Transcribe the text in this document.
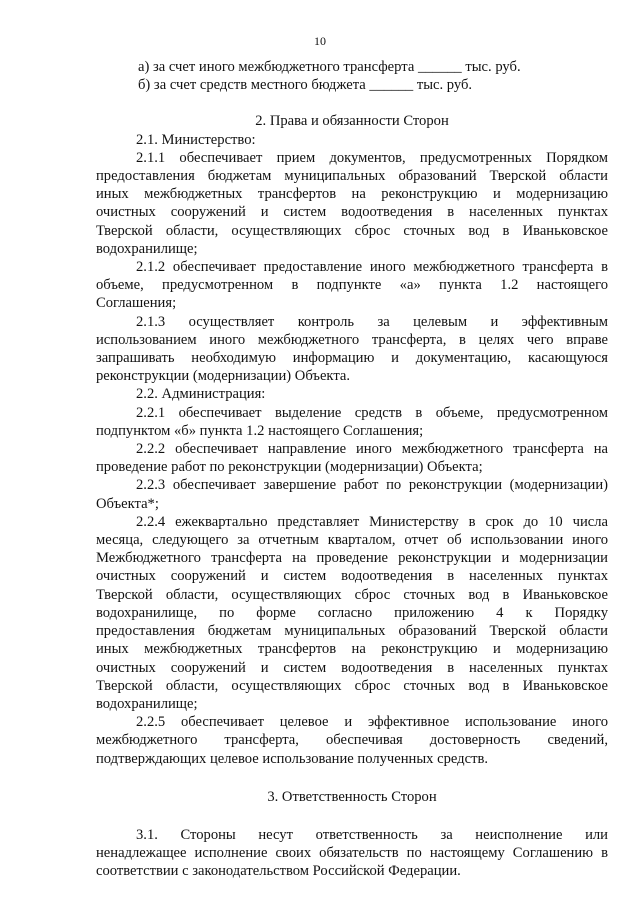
10
а) за счет иного межбюджетного трансферта ______ тыс. руб.
б) за счет средств местного бюджета ______ тыс. руб.
2. Права и обязанности Сторон
2.1. Министерство:
2.1.1 обеспечивает прием документов, предусмотренных Порядком
предоставления бюджетам муниципальных образований Тверской области
иных межбюджетных трансфертов на реконструкцию и модернизацию
очистных сооружений и систем водоотведения в населенных пунктах
Тверской области, осуществляющих сброс сточных вод в Иваньковское
водохранилище;
2.1.2 обеспечивает предоставление иного межбюджетного трансферта в
объеме, предусмотренном в подпункте «а» пункта 1.2 настоящего
Соглашения;
2.1.3 осуществляет контроль за целевым и эффективным
использованием иного межбюджетного трансферта, в целях чего вправе
запрашивать необходимую информацию и документацию, касающуюся
реконструкции (модернизации) Объекта.
2.2. Администрация:
2.2.1 обеспечивает выделение средств в объеме, предусмотренном
подпунктом «б» пункта 1.2 настоящего Соглашения;
2.2.2 обеспечивает направление иного межбюджетного трансферта на
проведение работ по реконструкции (модернизации) Объекта;
2.2.3 обеспечивает завершение работ по реконструкции (модернизации)
Объекта*;
2.2.4 ежеквартально представляет Министерству в срок до 10 числа
месяца, следующего за отчетным кварталом, отчет об использовании иного
Межбюджетного трансферта на проведение реконструкции и модернизации
очистных сооружений и систем водоотведения в населенных пунктах
Тверской области, осуществляющих сброс сточных вод в Иваньковское
водохранилище, по форме согласно приложению 4 к Порядку
предоставления бюджетам муниципальных образований Тверской области
иных межбюджетных трансфертов на реконструкцию и модернизацию
очистных сооружений и систем водоотведения в населенных пунктах
Тверской области, осуществляющих сброс сточных вод в Иваньковское
водохранилище;
2.2.5 обеспечивает целевое и эффективное использование иного
межбюджетного трансферта, обеспечивая достоверность сведений,
подтверждающих целевое использование полученных средств.
3. Ответственность Сторон
3.1. Стороны несут ответственность за неисполнение или
ненадлежащее исполнение своих обязательств по настоящему Соглашению в
соответствии с законодательством Российской Федерации.
